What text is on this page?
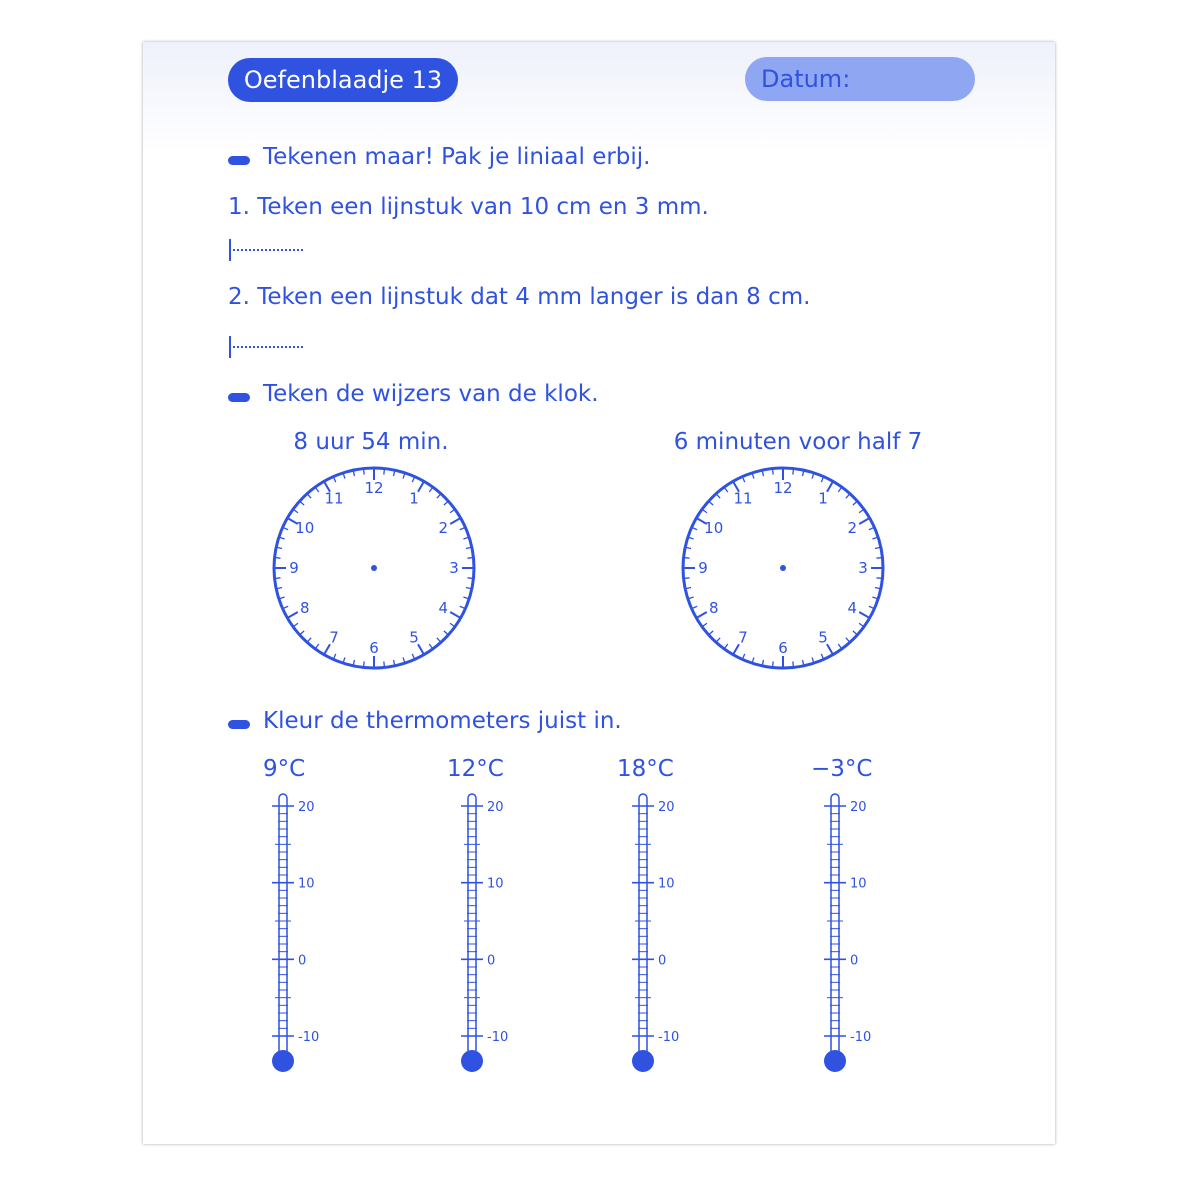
Oefenblaadje 13	Datum:
Tekenen maar! Pak je liniaal erbij.
1. Teken een lijnstuk van 10 cm en 3 mm.
2. Teken een lijnstuk dat 4 mm langer is dan 8 cm.
Teken de wijzers van de klok.
8 uur 54 min.	6 minuten voor half 7
12
1
2
3
4
5
6
7
8
9
10
11
12
1
2
3
4
5
6
7
8
9
10
11
Kleur de thermometers juist in.
9°C	12°C	18°C	−3°C
20
10
0
-10
20
10
0
-10
20
10
0
-10
20
10
0
-10
